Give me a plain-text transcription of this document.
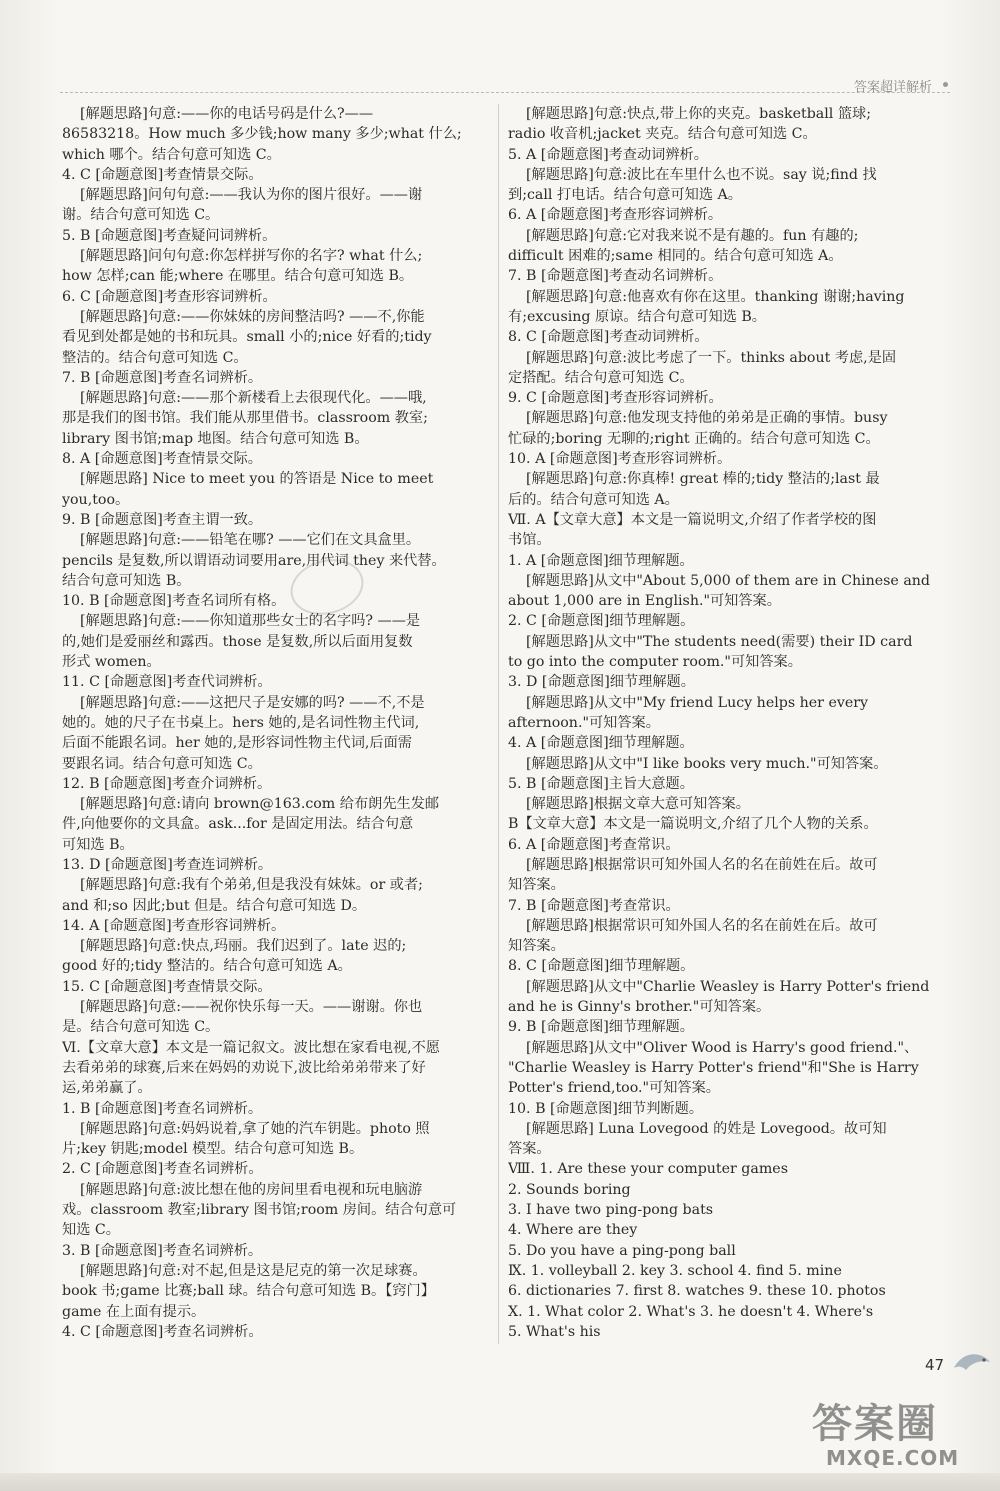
答案超详解析
[解题思路]句意:——你的电话号码是什么?——
86583218。How much 多少钱;how many 多少;what 什么;
which 哪个。结合句意可知选 C。
4. C [命题意图]考查情景交际。
[解题思路]问句句意:——我认为你的图片很好。——谢
谢。结合句意可知选 C。
5. B [命题意图]考查疑问词辨析。
[解题思路]问句句意:你怎样拼写你的名字? what 什么;
how 怎样;can 能;where 在哪里。结合句意可知选 B。
6. C [命题意图]考查形容词辨析。
[解题思路]句意:——你妹妹的房间整洁吗? ——不,你能
看见到处都是她的书和玩具。small 小的;nice 好看的;tidy
整洁的。结合句意可知选 C。
7. B [命题意图]考查名词辨析。
[解题思路]句意:——那个新楼看上去很现代化。——哦,
那是我们的图书馆。我们能从那里借书。classroom 教室;
library 图书馆;map 地图。结合句意可知选 B。
8. A [命题意图]考查情景交际。
[解题思路] Nice to meet you 的答语是 Nice to meet
you,too。
9. B [命题意图]考查主谓一致。
[解题思路]句意:——铅笔在哪? ——它们在文具盒里。
pencils 是复数,所以谓语动词要用are,用代词 they 来代替。
结合句意可知选 B。
10. B [命题意图]考查名词所有格。
[解题思路]句意:——你知道那些女士的名字吗? ——是
的,她们是爱丽丝和露西。those 是复数,所以后面用复数
形式 women。
11. C [命题意图]考查代词辨析。
[解题思路]句意:——这把尺子是安娜的吗? ——不,不是
她的。她的尺子在书桌上。hers 她的,是名词性物主代词,
后面不能跟名词。her 她的,是形容词性物主代词,后面需
要跟名词。结合句意可知选 C。
12. B [命题意图]考查介词辨析。
[解题思路]句意:请向 brown@163.com 给布朗先生发邮
件,向他要你的文具盒。ask...for 是固定用法。结合句意
可知选 B。
13. D [命题意图]考查连词辨析。
[解题思路]句意:我有个弟弟,但是我没有妹妹。or 或者;
and 和;so 因此;but 但是。结合句意可知选 D。
14. A [命题意图]考查形容词辨析。
[解题思路]句意:快点,玛丽。我们迟到了。late 迟的;
good 好的;tidy 整洁的。结合句意可知选 A。
15. C [命题意图]考查情景交际。
[解题思路]句意:——祝你快乐每一天。——谢谢。你也
是。结合句意可知选 C。
Ⅵ.【文章大意】本文是一篇记叙文。波比想在家看电视,不愿
去看弟弟的球赛,后来在妈妈的劝说下,波比给弟弟带来了好
运,弟弟赢了。
1. B [命题意图]考查名词辨析。
[解题思路]句意:妈妈说着,拿了她的汽车钥匙。photo 照
片;key 钥匙;model 模型。结合句意可知选 B。
2. C [命题意图]考查名词辨析。
[解题思路]句意:波比想在他的房间里看电视和玩电脑游
戏。classroom 教室;library 图书馆;room 房间。结合句意可
知选 C。
3. B [命题意图]考查名词辨析。
[解题思路]句意:对不起,但是这是尼克的第一次足球赛。
book 书;game 比赛;ball 球。结合句意可知选 B。【窍门】
game 在上面有提示。
4. C [命题意图]考查名词辨析。
[解题思路]句意:快点,带上你的夹克。basketball 篮球;
radio 收音机;jacket 夹克。结合句意可知选 C。
5. A [命题意图]考查动词辨析。
[解题思路]句意:波比在车里什么也不说。say 说;find 找
到;call 打电话。结合句意可知选 A。
6. A [命题意图]考查形容词辨析。
[解题思路]句意:它对我来说不是有趣的。fun 有趣的;
difficult 困难的;same 相同的。结合句意可知选 A。
7. B [命题意图]考查动名词辨析。
[解题思路]句意:他喜欢有你在这里。thanking 谢谢;having
有;excusing 原谅。结合句意可知选 B。
8. C [命题意图]考查动词辨析。
[解题思路]句意:波比考虑了一下。thinks about 考虑,是固
定搭配。结合句意可知选 C。
9. C [命题意图]考查形容词辨析。
[解题思路]句意:他发现支持他的弟弟是正确的事情。busy
忙碌的;boring 无聊的;right 正确的。结合句意可知选 C。
10. A [命题意图]考查形容词辨析。
[解题思路]句意:你真棒! great 棒的;tidy 整洁的;last 最
后的。结合句意可知选 A。
Ⅶ. A【文章大意】本文是一篇说明文,介绍了作者学校的图
书馆。
1. A [命题意图]细节理解题。
[解题思路]从文中"About 5,000 of them are in Chinese and
about 1,000 are in English."可知答案。
2. C [命题意图]细节理解题。
[解题思路]从文中"The students need(需要) their ID card
to go into the computer room."可知答案。
3. D [命题意图]细节理解题。
[解题思路]从文中"My friend Lucy helps her every
afternoon."可知答案。
4. A [命题意图]细节理解题。
[解题思路]从文中"I like books very much."可知答案。
5. B [命题意图]主旨大意题。
[解题思路]根据文章大意可知答案。
B【文章大意】本文是一篇说明文,介绍了几个人物的关系。
6. A [命题意图]考查常识。
[解题思路]根据常识可知外国人名的名在前姓在后。故可
知答案。
7. B [命题意图]考查常识。
[解题思路]根据常识可知外国人名的名在前姓在后。故可
知答案。
8. C [命题意图]细节理解题。
[解题思路]从文中"Charlie Weasley is Harry Potter's friend
and he is Ginny's brother."可知答案。
9. B [命题意图]细节理解题。
[解题思路]从文中"Oliver Wood is Harry's good friend."、
"Charlie Weasley is Harry Potter's friend"和"She is Harry
Potter's friend,too."可知答案。
10. B [命题意图]细节判断题。
[解题思路] Luna Lovegood 的姓是 Lovegood。故可知
答案。
Ⅷ. 1. Are these your computer games
2. Sounds boring
3. I have two ping-pong bats
4. Where are they
5. Do you have a ping-pong ball
Ⅸ. 1. volleyball 2. key 3. school 4. find 5. mine
6. dictionaries 7. first 8. watches 9. these 10. photos
Ⅹ. 1. What color 2. What's 3. he doesn't 4. Where's
5. What's his
47
答案圈
MXQE.COM
